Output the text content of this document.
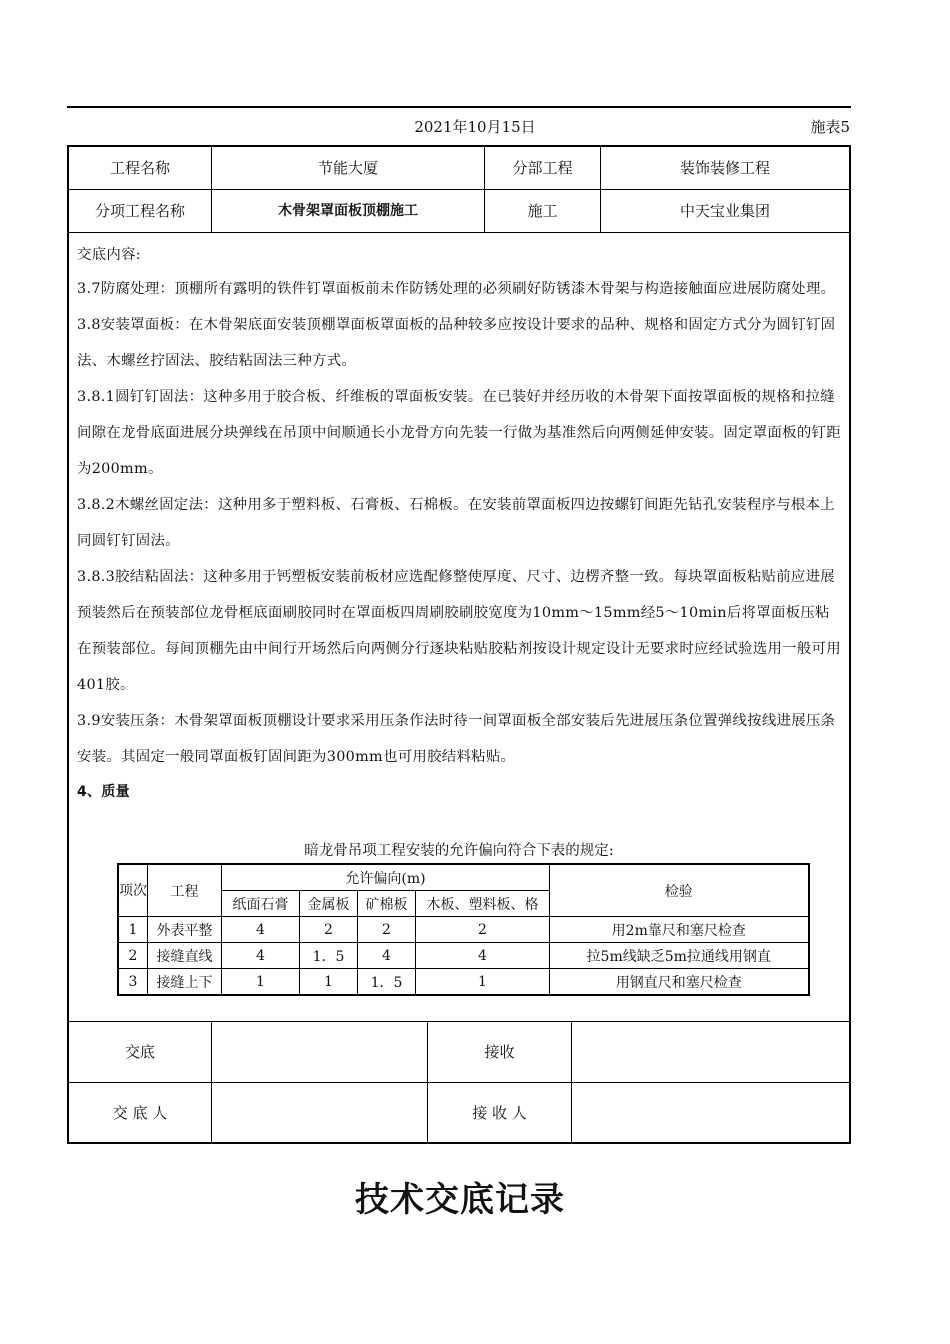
2021年10月15日	施表5
工程名称	节能大厦	分部工程	装饰装修工程
分项工程名称	木骨架罩面板顶棚施工	施工	中天宝业集团

交底内容:

3.7防腐处理：顶棚所有露明的铁件钉罩面板前未作防锈处理的必须刷好防锈漆木骨架与构造接触面应进展防腐处理。

3.8安装罩面板：在木骨架底面安装顶棚罩面板罩面板的品种较多应按设计要求的品种、规格和固定方式分为圆钉钉固法、木螺丝拧固法、胶结粘固法三种方式。

3.8.1圆钉钉固法：这种多用于胶合板、纤维板的罩面板安装。在已装好并经历收的木骨架下面按罩面板的规格和拉缝间隙在龙骨底面进展分块弹线在吊顶中间顺通长小龙骨方向先装一行做为基准然后向两侧延伸安装。固定罩面板的钉距为200mm。

3.8.2木螺丝固定法：这种用多于塑料板、石膏板、石棉板。在安装前罩面板四边按螺钉间距先钻孔安装程序与根本上同圆钉钉固法。

3.8.3胶结粘固法：这种多用于钙塑板安装前板材应选配修整使厚度、尺寸、边楞齐整一致。每块罩面板粘贴前应进展预装然后在预装部位龙骨框底面刷胶同时在罩面板四周刷胶刷胶宽度为10mm～15mm经5～10min后将罩面板压粘在预装部位。每间顶棚先由中间行开场然后向两侧分行逐块粘贴胶粘剂按设计规定设计无要求时应经试验选用一般可用401胶。

3.9安装压条：木骨架罩面板顶棚设计要求采用压条作法时待一间罩面板全部安装后先进展压条位置弹线按线进展压条安装。其固定一般同罩面板钉固间距为300mm也可用胶结料粘贴。

4、质量

暗龙骨吊项工程安装的允许偏向符合下表的规定:
项次	工程	允许偏向(m)				检验
		纸面石膏	金属板	矿棉板	木板、塑料板、格	
1	外表平整	4	2	2	2	用2m靠尺和塞尺检查
2	接缝直线	4	1．5	4	4	拉5m线缺乏5m拉通线用钢直
3	接缝上下	1	1	1．5	1	用钢直尺和塞尺检查
交底	接收
交 底 人	接 收 人
技术交底记录
